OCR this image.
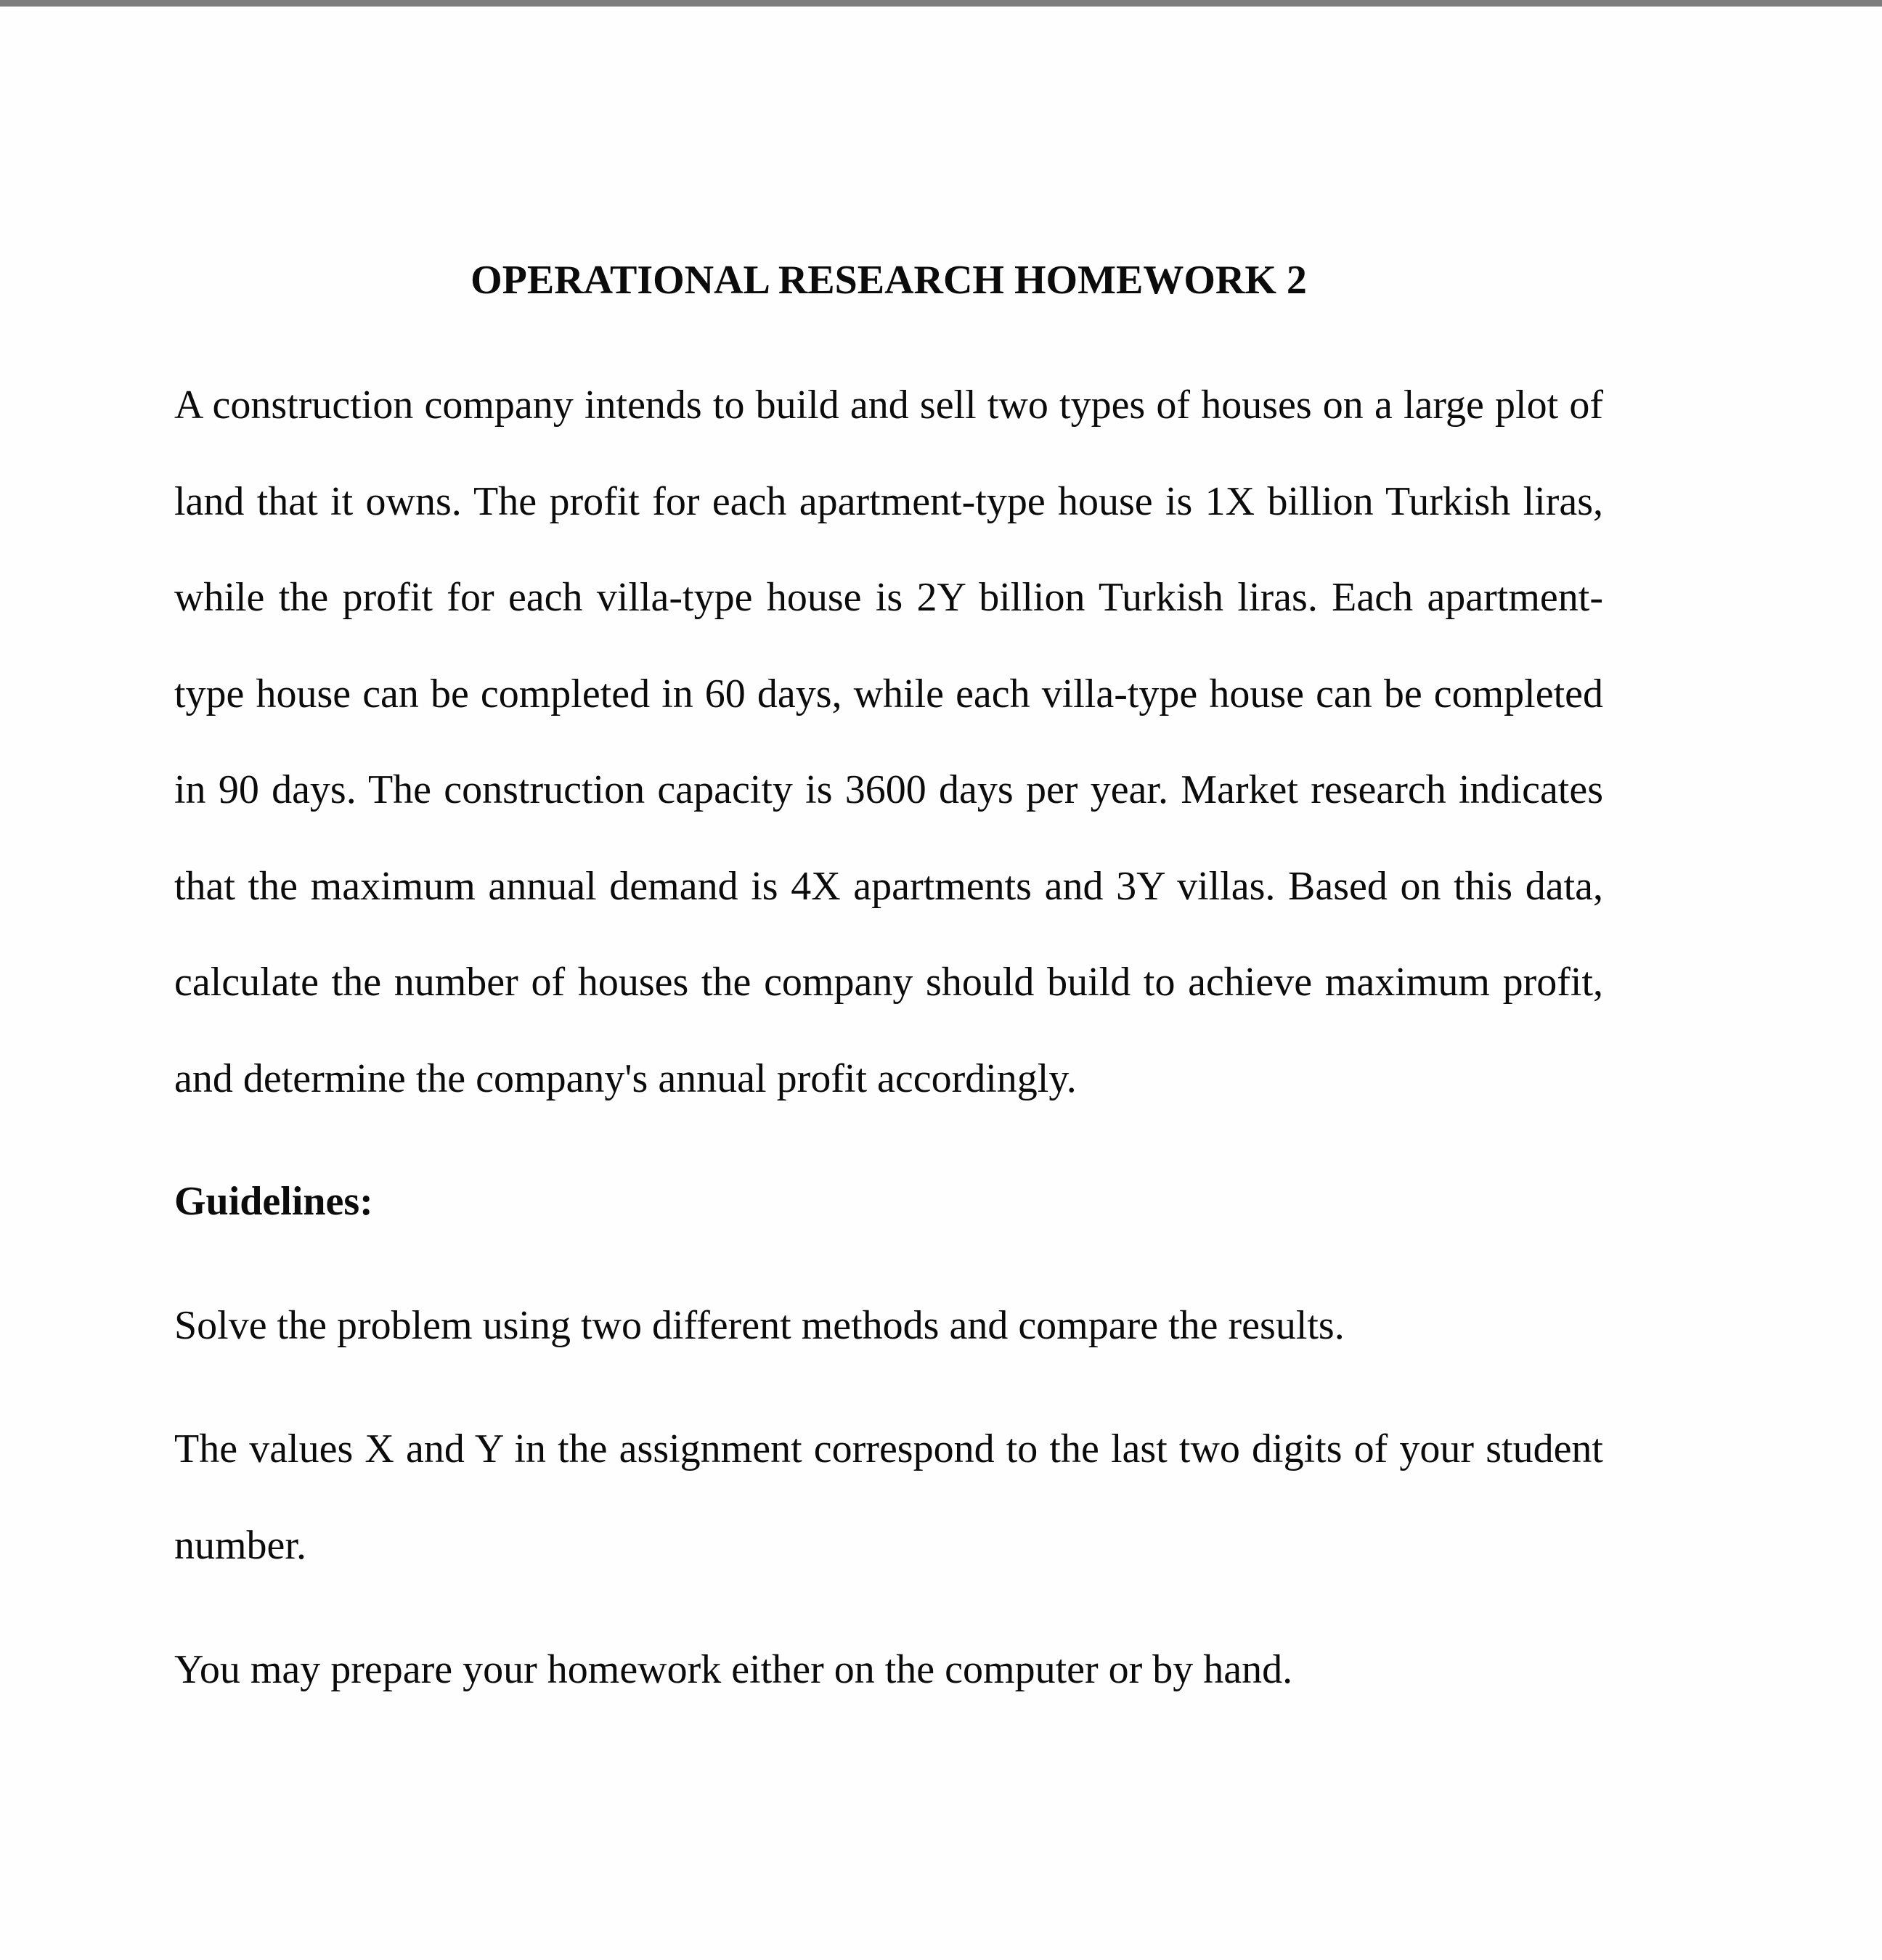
OPERATIONAL RESEARCH HOMEWORK 2

A construction company intends to build and sell two types of houses on a large plot of land that it owns. The profit for each apartment-type house is 1X billion Turkish liras, while the profit for each villa-type house is 2Y billion Turkish liras. Each apartment-type house can be completed in 60 days, while each villa-type house can be completed in 90 days. The construction capacity is 3600 days per year. Market research indicates that the maximum annual demand is 4X apartments and 3Y villas. Based on this data, calculate the number of houses the company should build to achieve maximum profit, and determine the company's annual profit accordingly.

Guidelines:

Solve the problem using two different methods and compare the results.

The values X and Y in the assignment correspond to the last two digits of your student number.

You may prepare your homework either on the computer or by hand.
